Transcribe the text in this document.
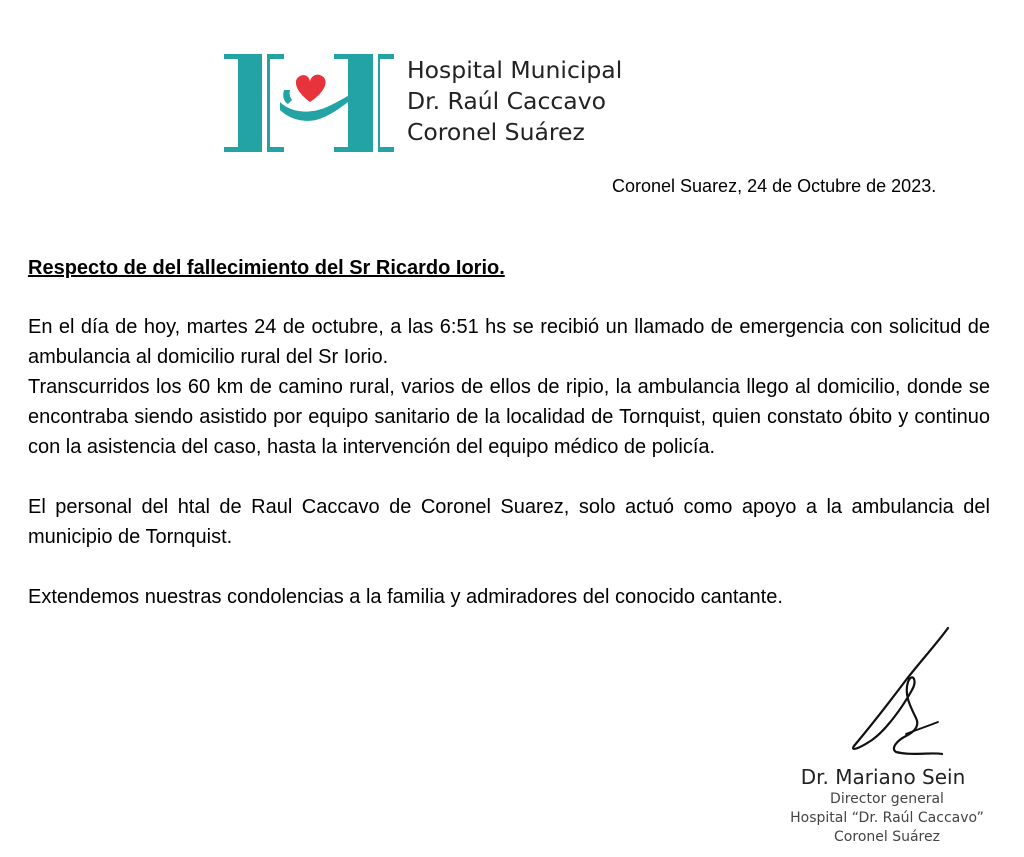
Hospital Municipal
Dr. Raúl Caccavo
Coronel Suárez
Coronel Suarez, 24 de Octubre de 2023.
Respecto de del fallecimiento del Sr Ricardo Iorio.

En el día de hoy, martes 24 de octubre, a las 6:51 hs se recibió un llamado de emergencia con solicitud de ambulancia al domicilio rural del Sr Iorio.

Transcurridos los 60 km de camino rural, varios de ellos de ripio, la ambulancia llego al domicilio, donde se encontraba siendo asistido por equipo sanitario de la localidad de Tornquist, quien constato óbito y continuo con la asistencia del caso, hasta la intervención del equipo médico de policía.

El personal del htal de Raul Caccavo de Coronel Suarez, solo actuó como apoyo a la ambulancia del municipio de Tornquist.

Extendemos nuestras condolencias a la familia y admiradores del conocido cantante.

Dr. Mariano Sein
Director general
Hospital “Dr. Raúl Caccavo”
Coronel Suárez
